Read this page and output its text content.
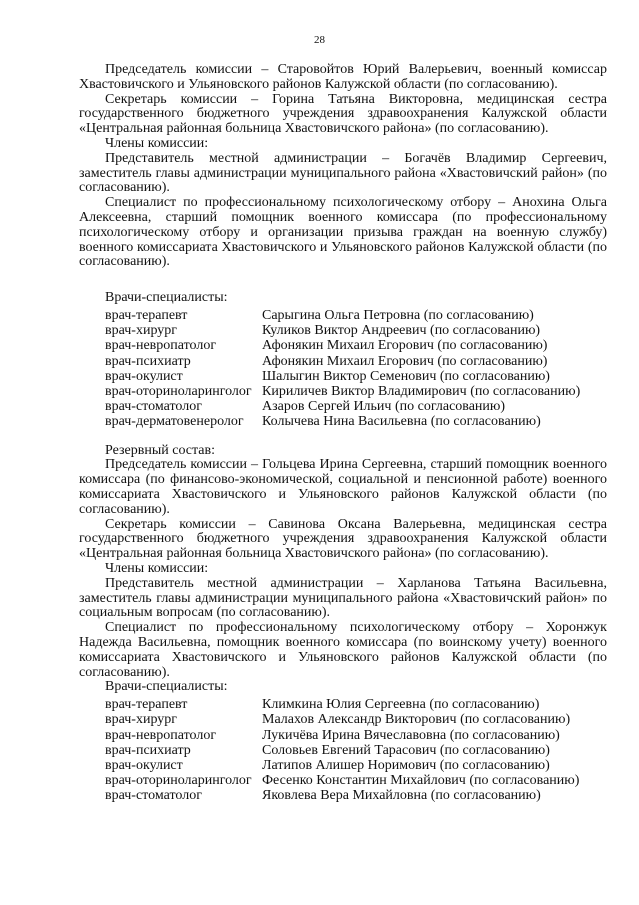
28

Председатель комиссии – Старовойтов Юрий Валерьевич, военный комиссар Хвастовичского и Ульяновского районов Калужской области (по согласованию).

Секретарь комиссии – Горина Татьяна Викторовна, медицинская сестра государственного бюджетного учреждения здравоохранения Калужской области «Центральная районная больница Хвастовичского района» (по согласованию).

Члены комиссии:

Представитель местной администрации – Богачёв Владимир Сергеевич, заместитель главы администрации муниципального района «Хвастовичский район» (по согласованию).

Специалист по профессиональному психологическому отбору – Анохина Ольга Алексеевна, старший помощник военного комиссара (по профессиональному психологическому отбору и организации призыва граждан на военную службу) военного комиссариата Хвастовичского и Ульяновского районов Калужской области (по согласованию).

Врачи-специалисты:

врач-терапевт	Сарыгина Ольга Петровна (по согласованию)
врач-хирург	Куликов Виктор Андреевич (по согласованию)
врач-невропатолог	Афонякин Михаил Егорович (по согласованию)
врач-психиатр	Афонякин Михаил Егорович (по согласованию)
врач-окулист	Шалыгин Виктор Семенович (по согласованию)
врач-оториноларинголог Кириличев Виктор Владимирович (по согласованию)
врач-стоматолог	Азаров Сергей Ильич (по согласованию)
врач-дерматовенеролог	Колычева Нина Васильевна (по согласованию)

Резервный состав:

Председатель комиссии – Гольцева Ирина Сергеевна, старший помощник военного комиссара (по финансово-экономической, социальной и пенсионной работе) военного комиссариата Хвастовичского и Ульяновского районов Калужской области (по согласованию).

Секретарь комиссии – Савинова Оксана Валерьевна, медицинская сестра государственного бюджетного учреждения здравоохранения Калужской области «Центральная районная больница Хвастовичского района» (по согласованию).

Члены комиссии:

Представитель местной администрации – Харланова Татьяна Васильевна, заместитель главы администрации муниципального района «Хвастовичский район» по социальным вопросам (по согласованию).

Специалист по профессиональному психологическому отбору – Хоронжук Надежда Васильевна, помощник военного комиссара (по воинскому учету) военного комиссариата Хвастовичского и Ульяновского районов Калужской области (по согласованию).

Врачи-специалисты:

врач-терапевт	Климкина Юлия Сергеевна (по согласованию)
врач-хирург	Малахов Александр Викторович (по согласованию)
врач-невропатолог	Лукичёва Ирина Вячеславовна (по согласованию)
врач-психиатр	Соловьев Евгений Тарасович (по согласованию)
врач-окулист	Латипов Алишер Норимович (по согласованию)
врач-оториноларинголог Фесенко Константин Михайлович (по согласованию)
врач-стоматолог	Яковлева Вера Михайловна (по согласованию)
